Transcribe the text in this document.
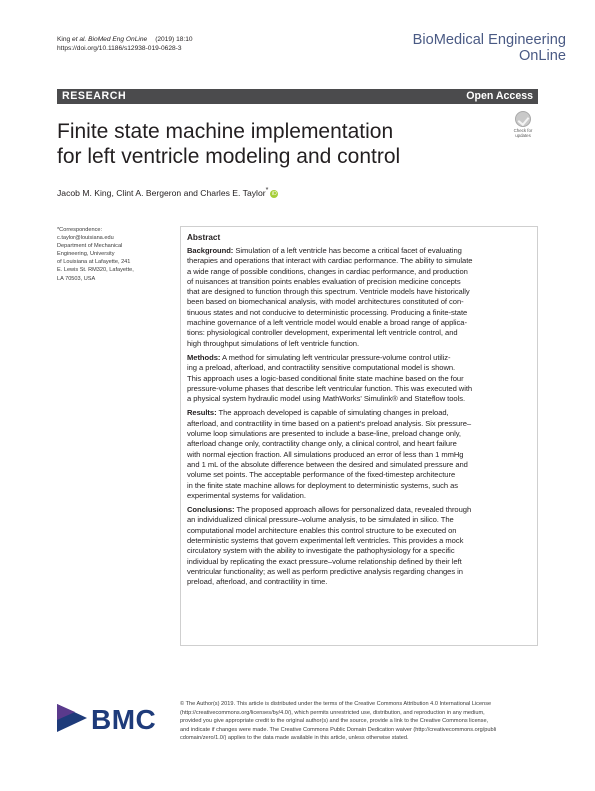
King et al. BioMed Eng OnLine (2019) 18:10
https://doi.org/10.1186/s12938-019-0628-3
BioMedical Engineering
OnLine
RESEARCH	Open Access
Finite state machine implementation
for left ventricle modeling and control
Check for
updates
Jacob M. King, Clint A. Bergeron and Charles E. Taylor* iD
*Correspondence:
c.taylor@louisiana.edu
Department of Mechanical
Engineering, University
of Louisiana at Lafayette, 241
E. Lewis St. RM320, Lafayette,
LA 70503, USA
Abstract
Background: Simulation of a left ventricle has become a critical facet of evaluating
therapies and operations that interact with cardiac performance. The ability to simulate
a wide range of possible conditions, changes in cardiac performance, and production
of nuisances at transition points enables evaluation of precision medicine concepts
that are designed to function through this spectrum. Ventricle models have historically
been based on biomechanical analysis, with model architectures constituted of con-
tinuous states and not conducive to deterministic processing. Producing a finite-state
machine governance of a left ventricle model would enable a broad range of applica-
tions: physiological controller development, experimental left ventricle control, and
high throughput simulations of left ventricle function.
Methods: A method for simulating left ventricular pressure-volume control utiliz-
ing a preload, afterload, and contractility sensitive computational model is shown.
This approach uses a logic-based conditional finite state machine based on the four
pressure-volume phases that describe left ventricular function. This was executed with
a physical system hydraulic model using MathWorks' Simulink® and Stateflow tools.
Results: The approach developed is capable of simulating changes in preload,
afterload, and contractility in time based on a patient's preload analysis. Six pressure–
volume loop simulations are presented to include a base-line, preload change only,
afterload change only, contractility change only, a clinical control, and heart failure
with normal ejection fraction. All simulations produced an error of less than 1 mmHg
and 1 mL of the absolute difference between the desired and simulated pressure and
volume set points. The acceptable performance of the fixed-timestep architecture
in the finite state machine allows for deployment to deterministic systems, such as
experimental systems for validation.
Conclusions: The proposed approach allows for personalized data, revealed through
an individualized clinical pressure–volume analysis, to be simulated in silico. The
computational model architecture enables this control structure to be executed on
deterministic systems that govern experimental left ventricles. This provides a mock
circulatory system with the ability to investigate the pathophysiology for a specific
individual by replicating the exact pressure–volume relationship defined by their left
ventricular functionality; as well as perform predictive analysis regarding changes in
preload, afterload, and contractility in time.
BMC	© The Author(s) 2019. This article is distributed under the terms of the Creative Commons Attribution 4.0 International License
(http://creativecommons.org/licenses/by/4.0/), which permits unrestricted use, distribution, and reproduction in any medium,
provided you give appropriate credit to the original author(s) and the source, provide a link to the Creative Commons license,
and indicate if changes were made. The Creative Commons Public Domain Dedication waiver (http://creativecommons.org/publi
cdomain/zero/1.0/) applies to the data made available in this article, unless otherwise stated.
